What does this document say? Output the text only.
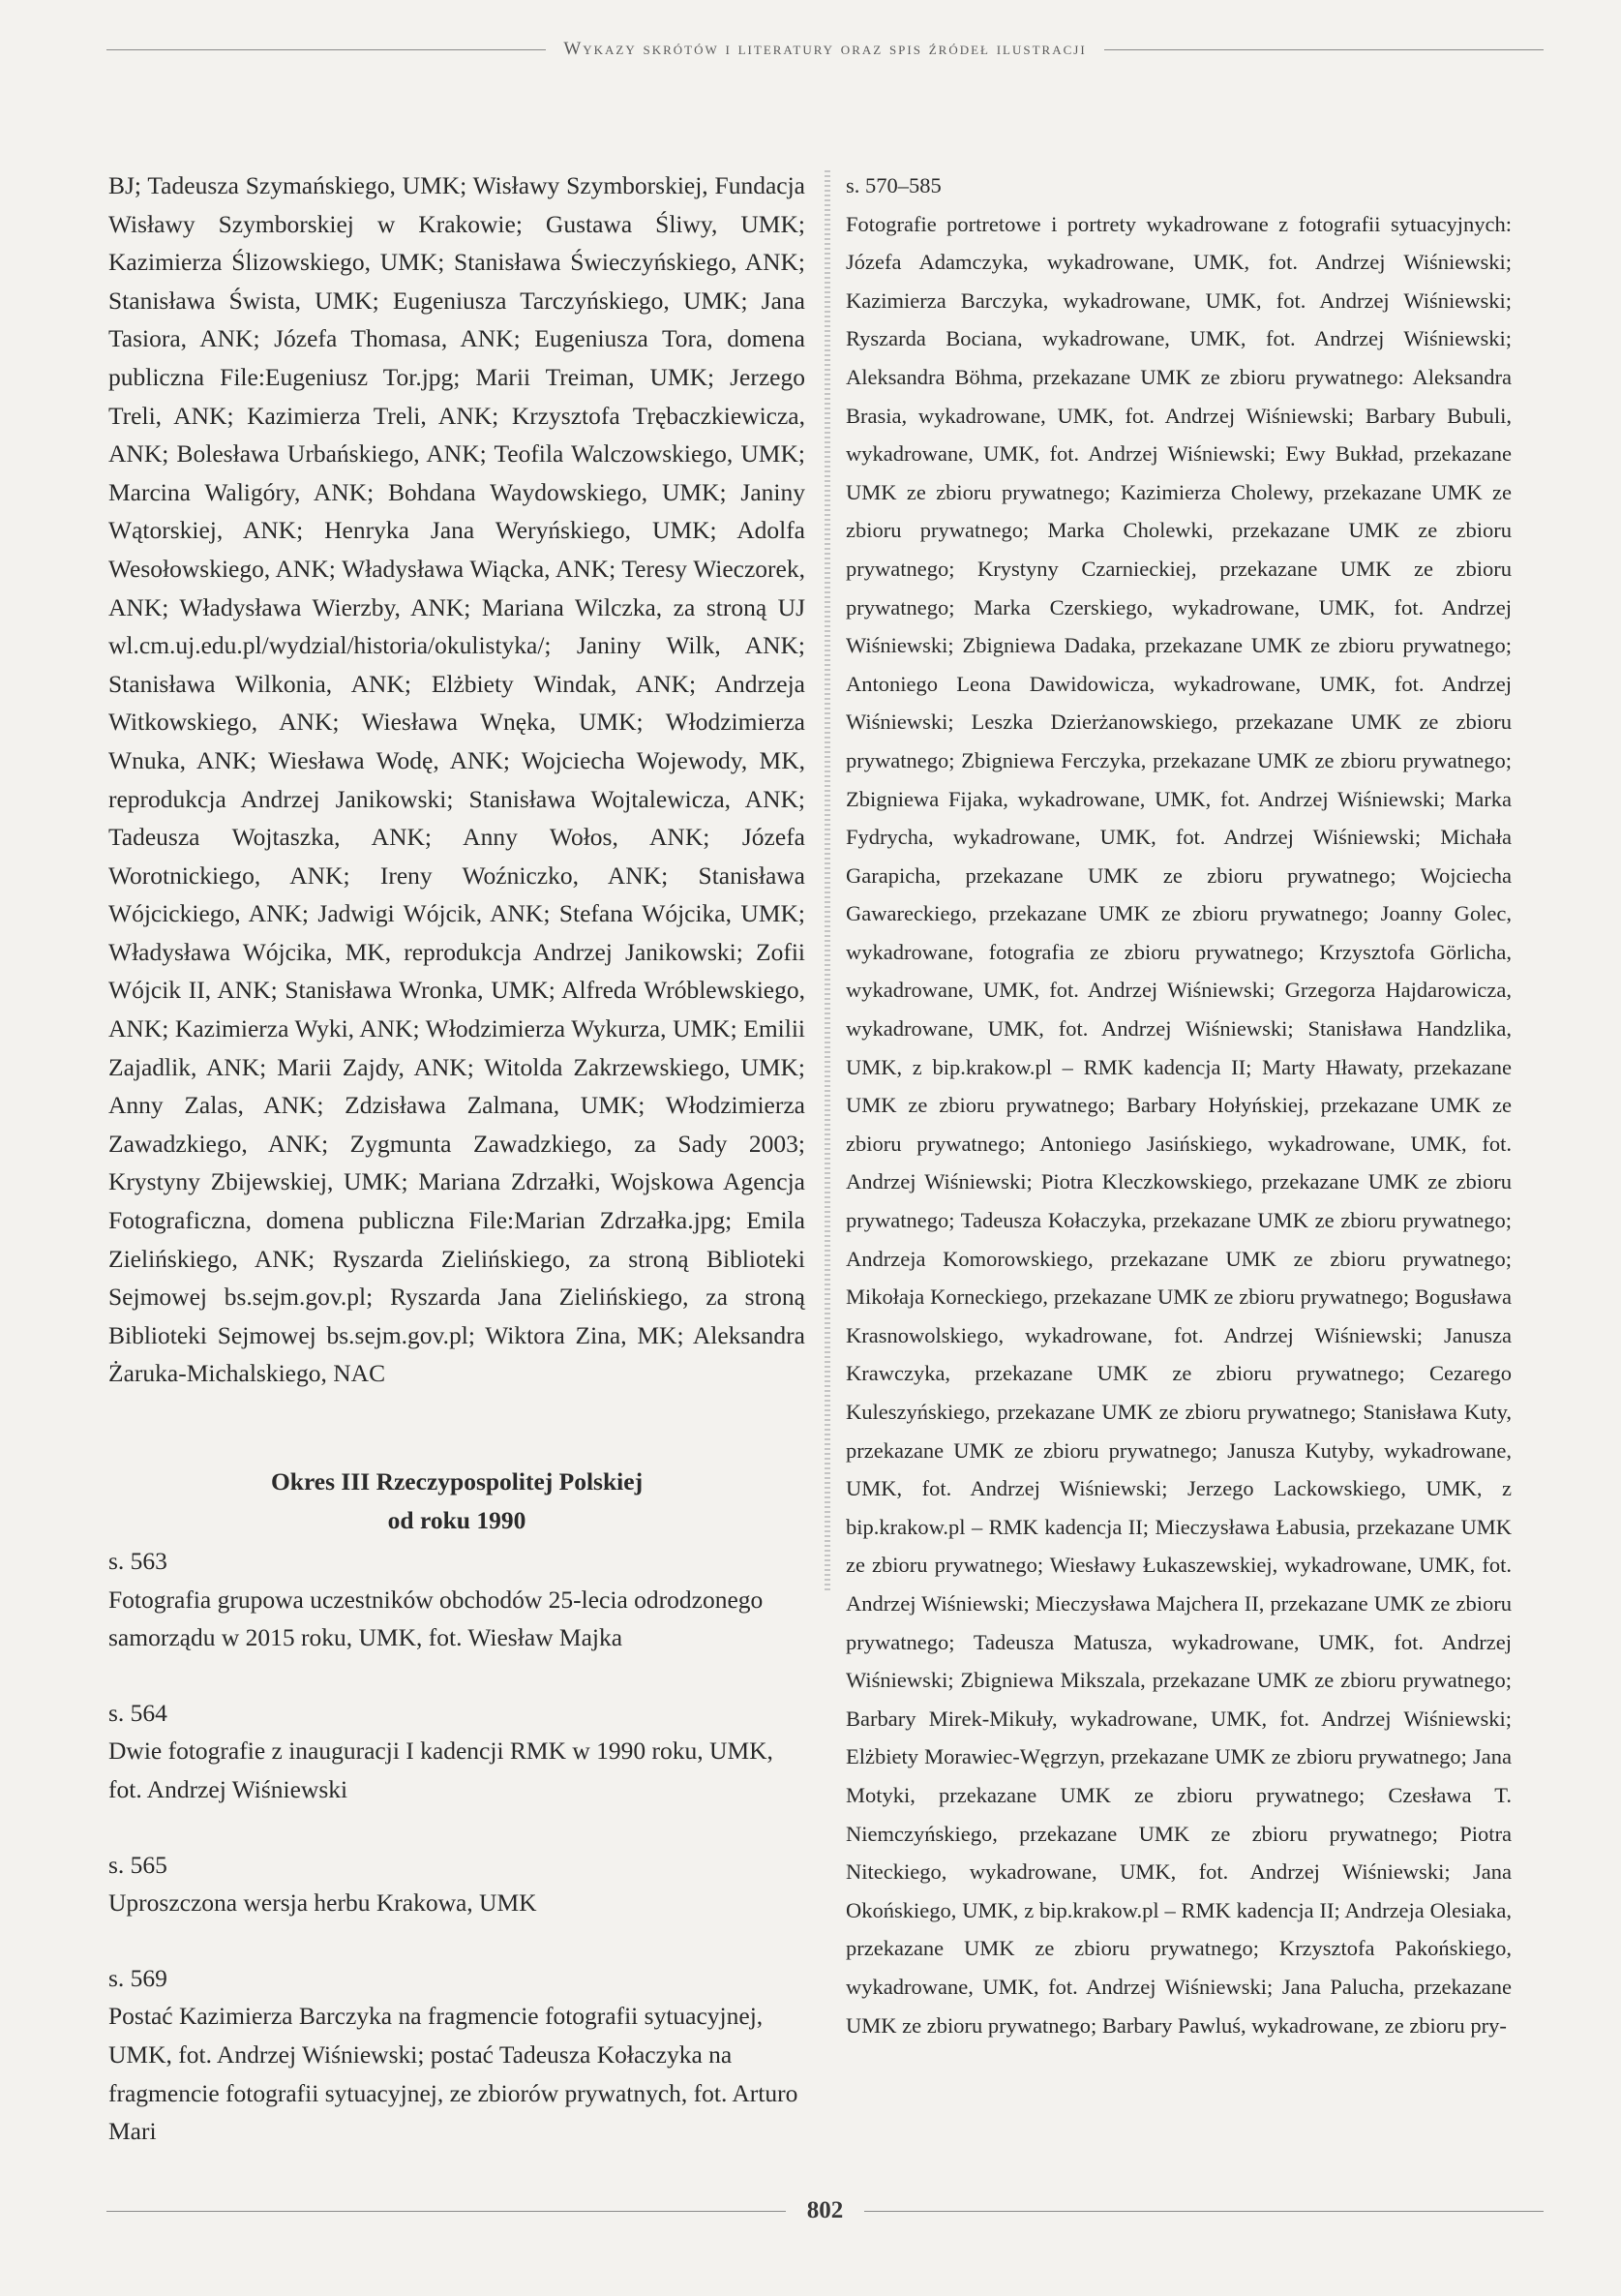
Wykazy skrótów i literatury oraz spis źródeł ilustracji

BJ; Tadeusza Szymańskiego, UMK; Wisławy Szymborskiej, Fundacja Wisławy Szymborskiej w Krakowie; Gustawa Śliwy, UMK; Kazimierza Ślizowskiego, UMK; Stanisława Świeczyńskiego, ANK; Stanisława Śwista, UMK; Eugeniusza Tarczyńskiego, UMK; Jana Tasiora, ANK; Józefa Thomasa, ANK; Eugeniusza Tora, domena publiczna File:Eugeniusz Tor.jpg; Marii Treiman, UMK; Jerzego Treli, ANK; Kazimierza Treli, ANK; Krzysztofa Trębaczkiewicza, ANK; Bolesława Urbańskiego, ANK; Teofila Walczowskiego, UMK; Marcina Waligóry, ANK; Bohdana Waydowskiego, UMK; Janiny Wątorskiej, ANK; Henryka Jana Weryńskiego, UMK; Adolfa Wesołowskiego, ANK; Władysława Wiącka, ANK; Teresy Wieczorek, ANK; Władysława Wierzby, ANK; Mariana Wilczka, za stroną UJ wl.cm.uj.edu.pl/wydzial/historia/okulistyka/; Janiny Wilk, ANK; Stanisława Wilkonia, ANK; Elżbiety Windak, ANK; Andrzeja Witkowskiego, ANK; Wiesława Wnęka, UMK; Włodzimierza Wnuka, ANK; Wiesława Wodę, ANK; Wojciecha Wojewody, MK, reprodukcja Andrzej Janikowski; Stanisława Wojtalewicza, ANK; Tadeusza Wojtaszka, ANK; Anny Wołos, ANK; Józefa Worotnickiego, ANK; Ireny Woźniczko, ANK; Stanisława Wójcickiego, ANK; Jadwigi Wójcik, ANK; Stefana Wójcika, UMK; Władysława Wójcika, MK, reprodukcja Andrzej Janikowski; Zofii Wójcik II, ANK; Stanisława Wronka, UMK; Alfreda Wróblewskiego, ANK; Kazimierza Wyki, ANK; Włodzimierza Wykurza, UMK; Emilii Zajadlik, ANK; Marii Zajdy, ANK; Witolda Zakrzewskiego, UMK; Anny Zalas, ANK; Zdzisława Zalmana, UMK; Włodzimierza Zawadzkiego, ANK; Zygmunta Zawadzkiego, za Sady 2003; Krystyny Zbijewskiej, UMK; Mariana Zdrzałki, Wojskowa Agencja Fotograficzna, domena publiczna File:Marian Zdrzałka.jpg; Emila Zielińskiego, ANK; Ryszarda Zielińskiego, za stroną Biblioteki Sejmowej bs.sejm.gov.pl; Ryszarda Jana Zielińskiego, za stroną Biblioteki Sejmowej bs.sejm.gov.pl; Wiktora Zina, MK; Aleksandra Żaruka-Michalskiego, NAC

Okres III Rzeczypospolitej Polskiej
od roku 1990
s. 563
Fotografia grupowa uczestników obchodów 25-lecia odrodzonego samorządu w 2015 roku, UMK, fot. Wiesław Majka
s. 564
Dwie fotografie z inauguracji I kadencji RMK w 1990 roku, UMK, fot. Andrzej Wiśniewski
s. 565
Uproszczona wersja herbu Krakowa, UMK
s. 569
Postać Kazimierza Barczyka na fragmencie fotografii sytuacyjnej, UMK, fot. Andrzej Wiśniewski; postać Tadeusza Kołaczyka na fragmencie fotografii sytuacyjnej, ze zbiorów prywatnych, fot. Arturo Mari
s. 570–585

Fotografie portretowe i portrety wykadrowane z fotografii sytuacyjnych: Józefa Adamczyka, wykadrowane, UMK, fot. Andrzej Wiśniewski; Kazimierza Barczyka, wykadrowane, UMK, fot. Andrzej Wiśniewski; Ryszarda Bociana, wykadrowane, UMK, fot. Andrzej Wiśniewski; Aleksandra Böhma, przekazane UMK ze zbioru prywatnego: Aleksandra Brasia, wykadrowane, UMK, fot. Andrzej Wiśniewski; Barbary Bubuli, wykadrowane, UMK, fot. Andrzej Wiśniewski; Ewy Bukład, przekazane UMK ze zbioru prywatnego; Kazimierza Cholewy, przekazane UMK ze zbioru prywatnego; Marka Cholewki, przekazane UMK ze zbioru prywatnego; Krystyny Czarnieckiej, przekazane UMK ze zbioru prywatnego; Marka Czerskiego, wykadrowane, UMK, fot. Andrzej Wiśniewski; Zbigniewa Dadaka, przekazane UMK ze zbioru prywatnego; Antoniego Leona Dawidowicza, wykadrowane, UMK, fot. Andrzej Wiśniewski; Leszka Dzierżanowskiego, przekazane UMK ze zbioru prywatnego; Zbigniewa Ferczyka, przekazane UMK ze zbioru prywatnego; Zbigniewa Fijaka, wykadrowane, UMK, fot. Andrzej Wiśniewski; Marka Fydrycha, wykadrowane, UMK, fot. Andrzej Wiśniewski; Michała Garapicha, przekazane UMK ze zbioru prywatnego; Wojciecha Gawareckiego, przekazane UMK ze zbioru prywatnego; Joanny Golec, wykadrowane, fotografia ze zbioru prywatnego; Krzysztofa Görlicha, wykadrowane, UMK, fot. Andrzej Wiśniewski; Grzegorza Hajdarowicza, wykadrowane, UMK, fot. Andrzej Wiśniewski; Stanisława Handzlika, UMK, z bip.krakow.pl – RMK kadencja II; Marty Hławaty, przekazane UMK ze zbioru prywatnego; Barbary Hołyńskiej, przekazane UMK ze zbioru prywatnego; Antoniego Jasińskiego, wykadrowane, UMK, fot. Andrzej Wiśniewski; Piotra Kleczkowskiego, przekazane UMK ze zbioru prywatnego; Tadeusza Kołaczyka, przekazane UMK ze zbioru prywatnego; Andrzeja Komorowskiego, przekazane UMK ze zbioru prywatnego; Mikołaja Korneckiego, przekazane UMK ze zbioru prywatnego; Bogusława Krasnowolskiego, wykadrowane, fot. Andrzej Wiśniewski; Janusza Krawczyka, przekazane UMK ze zbioru prywatnego; Cezarego Kuleszyńskiego, przekazane UMK ze zbioru prywatnego; Stanisława Kuty, przekazane UMK ze zbioru prywatnego; Janusza Kutyby, wykadrowane, UMK, fot. Andrzej Wiśniewski; Jerzego Lackowskiego, UMK, z bip.krakow.pl – RMK kadencja II; Mieczysława Łabusia, przekazane UMK ze zbioru prywatnego; Wiesławy Łukaszewskiej, wykadrowane, UMK, fot. Andrzej Wiśniewski; Mieczysława Majchera II, przekazane UMK ze zbioru prywatnego; Tadeusza Matusza, wykadrowane, UMK, fot. Andrzej Wiśniewski; Zbigniewa Mikszala, przekazane UMK ze zbioru prywatnego; Barbary Mirek-Mikuły, wykadrowane, UMK, fot. Andrzej Wiśniewski; Elżbiety Morawiec-Węgrzyn, przekazane UMK ze zbioru prywatnego; Jana Motyki, przekazane UMK ze zbioru prywatnego; Czesława T. Niemczyńskiego, przekazane UMK ze zbioru prywatnego; Piotra Niteckiego, wykadrowane, UMK, fot. Andrzej Wiśniewski; Jana Okońskiego, UMK, z bip.krakow.pl – RMK kadencja II; Andrzeja Olesiaka, przekazane UMK ze zbioru prywatnego; Krzysztofa Pakońskiego, wykadrowane, UMK, fot. Andrzej Wiśniewski; Jana Palucha, przekazane UMK ze zbioru prywatnego; Barbary Pawluś, wykadrowane, ze zbioru pry-

802
